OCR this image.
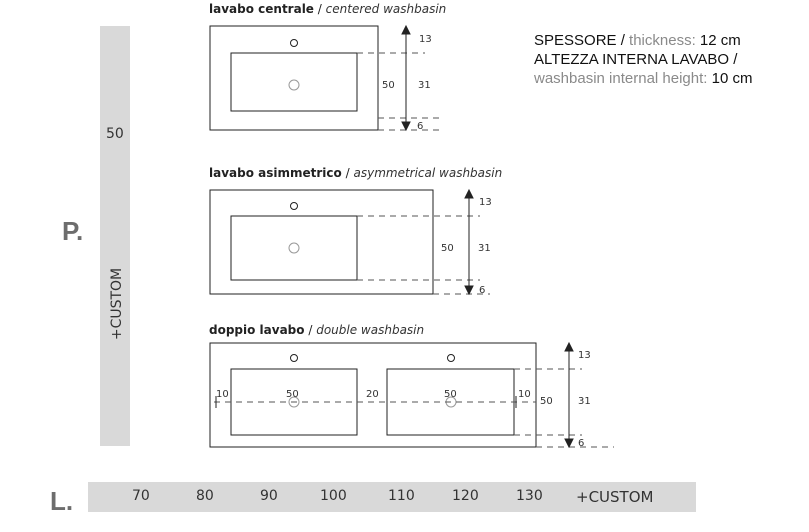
P.
50
+CUSTOM
L.	70	80	90	100	110	120	130 +CUSTOM
lavabo centrale / centered washbasin
lavabo asimmetrico / asymmetrical washbasin
doppio lavabo / double washbasin
SPESSORE / thickness: 12 cm
ALTEZZA INTERNA LAVABO /
washbasin internal height: 10 cm
13
50 31
6
13
50 31
6
10	50	20	50	10
13
50	31
6
